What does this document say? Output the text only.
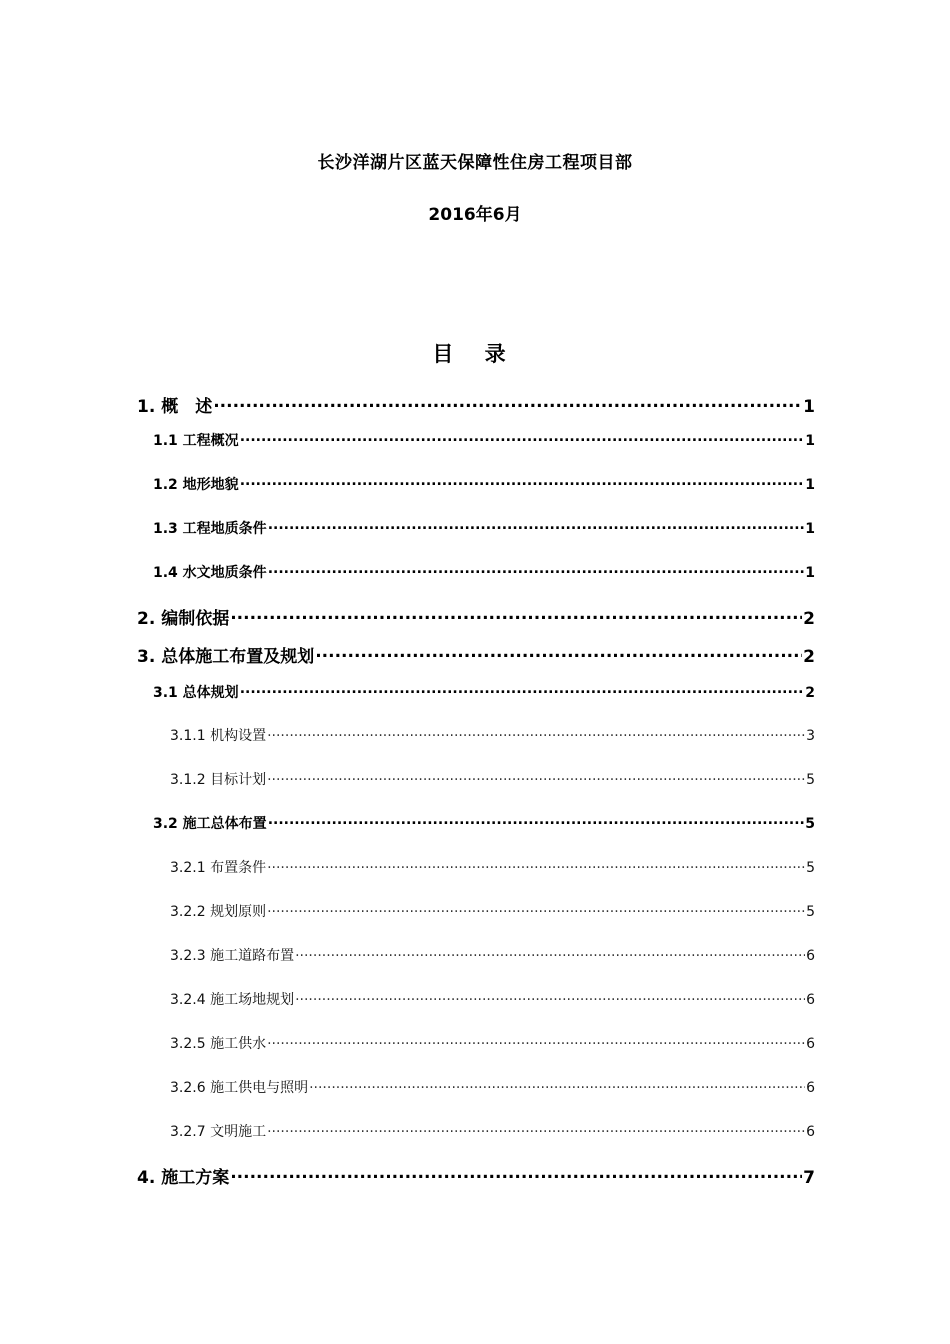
长沙洋湖片区蓝天保障性住房工程项目部
2016年6月
目 录
1. 概　述 .....	1
1.1 工程概况 .....	1
1.2 地形地貌 .....	1
1.3 工程地质条件 .....	1
1.4 水文地质条件 .....	1
2. 编制依据 .....	2
3. 总体施工布置及规划 .....	2
3.1 总体规划 .....	2
3.1.1 机构设置 .....	3
3.1.2 目标计划 .....	5
3.2 施工总体布置 .....	5
3.2.1 布置条件 .....	5
3.2.2 规划原则 .....	5
3.2.3 施工道路布置 .....	6
3.2.4 施工场地规划 .....	6
3.2.5 施工供水 .....	6
3.2.6 施工供电与照明 .....	6
3.2.7 文明施工 .....	6
4. 施工方案 .....	7
